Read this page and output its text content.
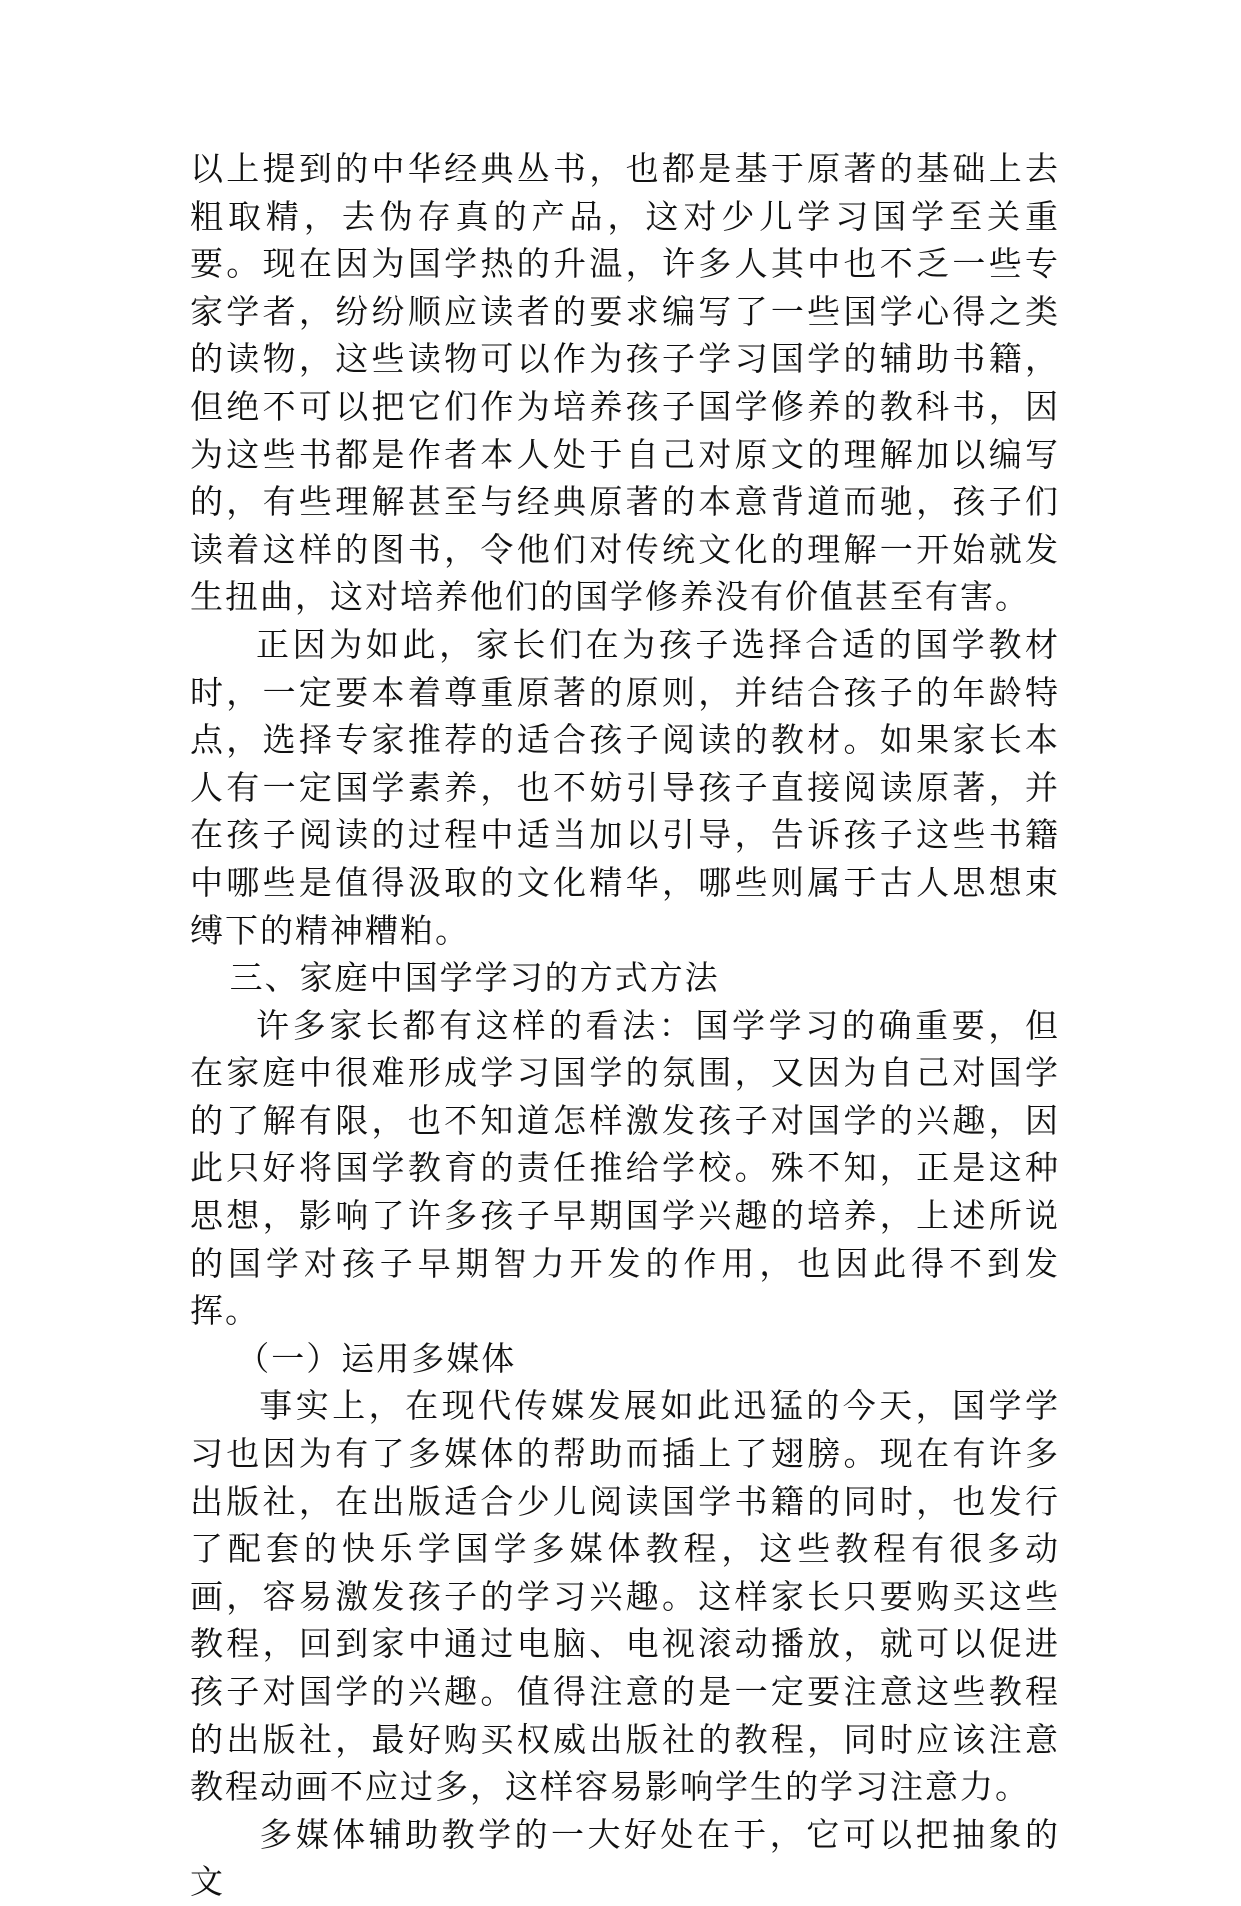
以上提到的中华经典丛书，也都是基于原著的基础上去粗取精，去伪存真的产品，这对少儿学习国学至关重要。现在因为国学热的升温，许多人其中也不乏一些专家学者，纷纷顺应读者的要求编写了一些国学心得之类的读物，这些读物可以作为孩子学习国学的辅助书籍，但绝不可以把它们作为培养孩子国学修养的教科书，因为这些书都是作者本人处于自己对原文的理解加以编写的，有些理解甚至与经典原著的本意背道而驰，孩子们读着这样的图书，令他们对传统文化的理解一开始就发生扭曲，这对培养他们的国学修养没有价值甚至有害。

正因为如此，家长们在为孩子选择合适的国学教材时，一定要本着尊重原著的原则，并结合孩子的年龄特点，选择专家推荐的适合孩子阅读的教材。如果家长本人有一定国学素养，也不妨引导孩子直接阅读原著，并在孩子阅读的过程中适当加以引导，告诉孩子这些书籍中哪些是值得汲取的文化精华，哪些则属于古人思想束缚下的精神糟粕。

三、家庭中国学学习的方式方法

许多家长都有这样的看法：国学学习的确重要，但在家庭中很难形成学习国学的氛围，又因为自己对国学的了解有限，也不知道怎样激发孩子对国学的兴趣，因此只好将国学教育的责任推给学校。殊不知，正是这种思想，影响了许多孩子早期国学兴趣的培养，上述所说的国学对孩子早期智力开发的作用，也因此得不到发挥。

（一）运用多媒体

事实上，在现代传媒发展如此迅猛的今天，国学学习也因为有了多媒体的帮助而插上了翅膀。现在有许多出版社，在出版适合少儿阅读国学书籍的同时，也发行了配套的快乐学国学多媒体教程，这些教程有很多动画，容易激发孩子的学习兴趣。这样家长只要购买这些教程，回到家中通过电脑、电视滚动播放，就可以促进孩子对国学的兴趣。值得注意的是一定要注意这些教程的出版社，最好购买权威出版社的教程，同时应该注意教程动画不应过多，这样容易影响学生的学习注意力。

多媒体辅助教学的一大好处在于，它可以把抽象的文
